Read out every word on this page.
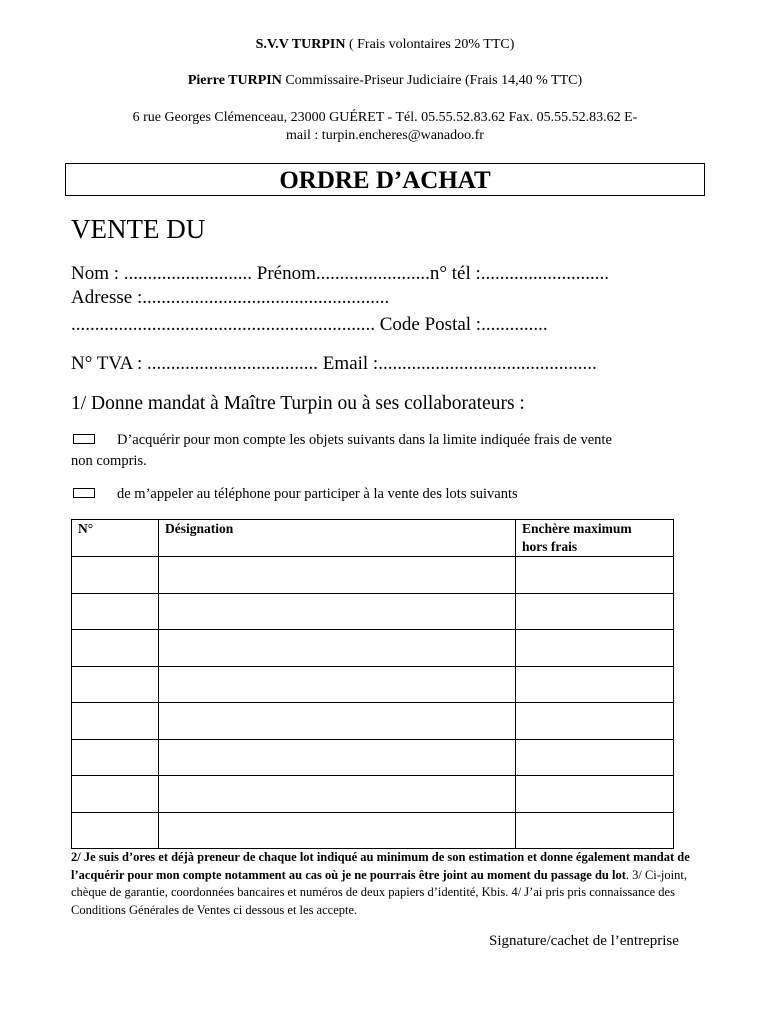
S.V.V TURPIN ( Frais volontaires 20% TTC)
Pierre TURPIN Commissaire-Priseur Judiciaire (Frais 14,40 % TTC)
6 rue Georges Clémenceau, 23000 GUÉRET - Tél. 05.55.52.83.62 Fax. 05.55.52.83.62 E-
mail : turpin.encheres@wanadoo.fr
ORDRE D’ACHAT
VENTE DU
Nom : ........................... Prénom........................n° tél :...........................
Adresse :....................................................
................................................................ Code Postal :..............
N° TVA : .................................... Email :..............................................
1/ Donne mandat à Maître Turpin ou à ses collaborateurs :
D’acquérir pour mon compte les objets suivants dans la limite indiquée frais de vente
non compris.
de m’appeler au téléphone pour participer à la vente des lots suivants
N°	Désignation	Enchère maximum
hors frais

2/ Je suis d’ores et déjà preneur de chaque lot indiqué au minimum de son estimation et donne également mandat de l’acquérir pour mon compte notamment au cas où je ne pourrais être joint au moment du passage du lot. 3/ Ci-joint, chèque de garantie, coordonnées bancaires et numéros de deux papiers d’identité, Kbis. 4/ J’ai pris pris connaissance des Conditions Générales de Ventes ci dessous et les accepte.
Signature/cachet de l’entreprise
